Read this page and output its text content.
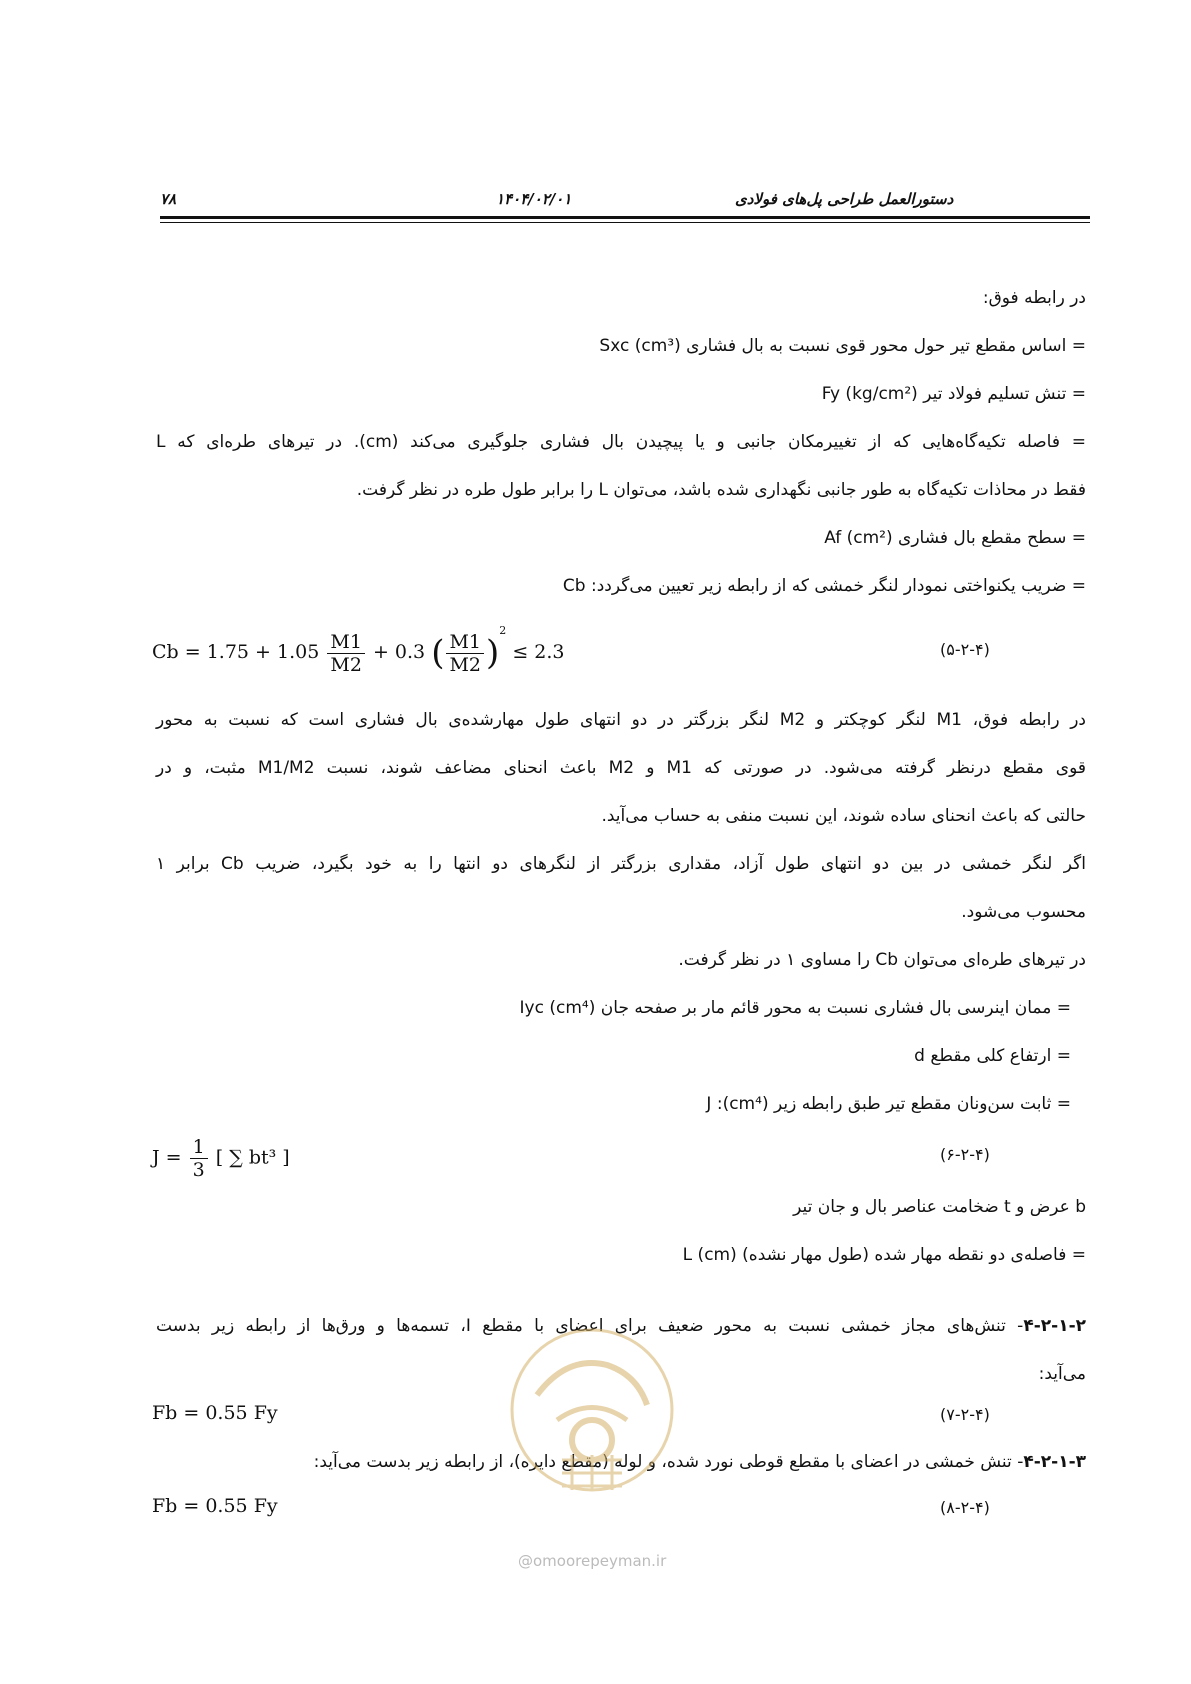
۷۸	۱۴۰۴/۰۲/۰۱	دستورالعمل طراحی پل‌های فولادی
در رابطه فوق:
= اساس مقطع تیر حول محور قوی نسبت به بال فشاری (cm³) Sxc
= تنش تسلیم فولاد تیر (kg/cm²) Fy
= فاصله تکیه‌گاه‌هایی که از تغییرمکان جانبی و یا پیچیدن بال فشاری جلوگیری می‌کند (cm). در تیرهای طره‌ای که L
فقط در محاذات تکیه‌گاه به طور جانبی نگهداری شده باشد، می‌توان L را برابر طول طره در نظر گرفت.
= سطح مقطع بال فشاری (cm²) Af
= ضریب یکنواختی نمودار لنگر خمشی که از رابطه زیر تعیین می‌گردد: Cb
$Cb = 1.75 + 1.05 \frac{M1}{M2} + 0.3$ ( $\frac{M1}{M2} )^2 \le 2.3$	(۵-۲-۴)
در رابطه فوق، M1 لنگر کوچکتر و M2 لنگر بزرگتر در دو انتهای طول مهارشده‌ی بال فشاری است که نسبت به محور
قوی مقطع درنظر گرفته می‌شود. در صورتی که M1 و M2 باعث انحنای مضاعف شوند، نسبت M1/M2 مثبت، و در
حالتی که باعث انحنای ساده شوند، این نسبت منفی به حساب می‌آید.
اگر لنگر خمشی در بین دو انتهای طول آزاد، مقداری بزرگتر از لنگرهای دو انتها را به خود بگیرد، ضریب Cb برابر ۱
محسوب می‌شود.
در تیرهای طره‌ای می‌توان Cb را مساوی ۱ در نظر گرفت.
= ممان اینرسی بال فشاری نسبت به محور قائم مار بر صفحه جان (cm⁴) Iyc
= ارتفاع کلی مقطع d
= ثابت سن‌ونان مقطع تیر طبق رابطه زیر (cm⁴): J
$J = \frac{1}{3}$ [ ∑ bt³ ]	(۶-۲-۴)
b عرض و t ضخامت عناصر بال و جان تیر
= فاصله‌ی دو نقطه مهار شده (طول مهار نشده) (cm) L
۴-۲-۱-۲- تنش‌های مجاز خمشی نسبت به محور ضعیف برای اعضای با مقطع I، تسمه‌ها و ورق‌ها از رابطه زیر بدست
می‌آید:
Fb = 0.55 Fy	(۷-۲-۴)
۴-۲-۱-۳- تنش خمشی در اعضای با مقطع قوطی نورد شده، و لوله (مقطع دایره)، از رابطه زیر بدست می‌آید:
Fb = 0.55 Fy	(۸-۲-۴)
@omoorepeyman.ir
